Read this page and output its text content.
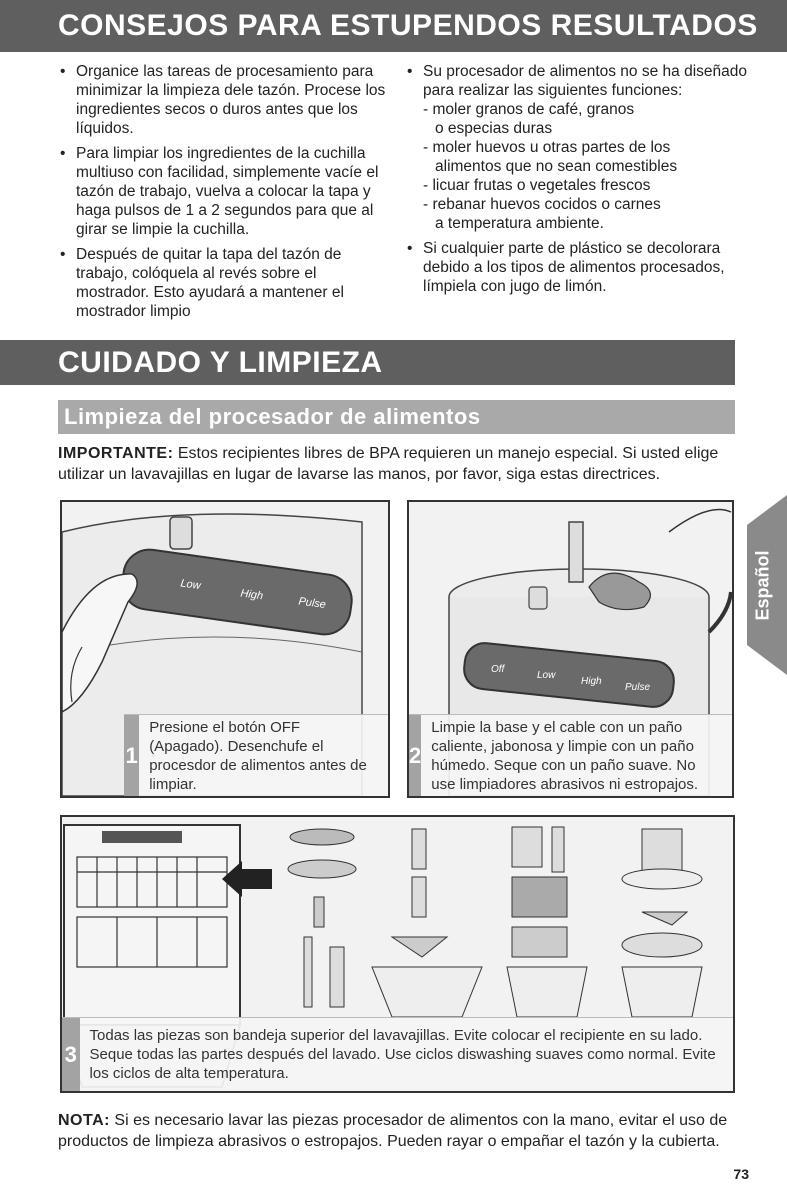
CONSEJOS PARA ESTUPENDOS RESULTADOS
• Organice las tareas de procesamiento para minimizar la limpieza dele tazón. Procese los ingredientes secos o duros antes que los líquidos.
• Para limpiar los ingredientes de la cuchilla multiuso con facilidad, simplemente vacíe el tazón de trabajo, vuelva a colocar la tapa y haga pulsos de 1 a 2 segundos para que al girar se limpie la cuchilla.
• Después de quitar la tapa del tazón de trabajo, colóquela al revés sobre el mostrador. Esto ayudará a mantener el mostrador limpio
• Su procesador de alimentos no se ha diseñado para realizar las siguientes funciones:
- moler granos de café, granos
o especias duras
- moler huevos u otras partes de los
alimentos que no sean comestibles
- licuar frutas o vegetales frescos
- rebanar huevos cocidos o carnes
a temperatura ambiente.
• Si cualquier parte de plástico se decolorara debido a los tipos de alimentos procesados, límpiela con jugo de limón.
CUIDADO Y LIMPIEZA
Limpieza del procesador de alimentos
IMPORTANTE: Estos recipientes libres de BPA requieren un manejo especial. Si usted elige utilizar un lavavajillas en lugar de lavarse las manos, por favor, siga estas directrices.
Low
High
Pulse
1
Presione el botón OFF (Apagado). Desenchufe el procesdor de alimentos antes de limpiar.
Off
Low
High
Pulse
2
Limpie la base y el cable con un paño caliente, jabonosa y limpie con un paño húmedo. Seque con un paño suave. No use limpiadores abrasivos ni estropajos.
Español
3
Todas las piezas son bandeja superior del lavavajillas. Evite colocar el recipiente en su lado. Seque todas las partes después del lavado. Use ciclos diswashing suaves como normal. Evite los ciclos de alta temperatura.
NOTA: Si es necesario lavar las piezas procesador de alimentos con la mano, evitar el uso de productos de limpieza abrasivos o estropajos. Pueden rayar o empañar el tazón y la cubierta.
73
